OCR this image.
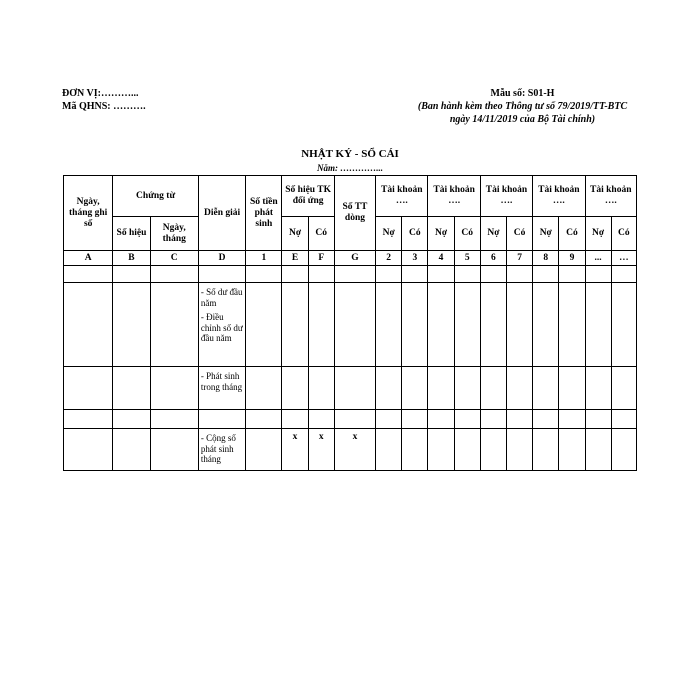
ĐƠN VỊ:………...
Mã QHNS: ……….
Mẫu số: S01-H
(Ban hành kèm theo Thông tư số 79/2019/TT-BTC ngày 14/11/2019 của Bộ Tài chính)
NHẬT KÝ - SỔ CÁI
Năm: …………...
Ngày, tháng ghi số	Chứng từ		Diễn giải	Số tiền phát sinh	Số hiệu TK đối ứng		Số TT dòng	Tài khoản ….		Tài khoản ….		Tài khoản ….		Tài khoản ….		Tài khoản ….	
	Số hiệu	Ngày, tháng			Nợ	Có		Nợ	Có	Nợ	Có	Nợ	Có	Nợ	Có	Nợ	Có
A	B	C	D	1	E	F	G	2	3	4	5	6	7	8	9	...	…

			- Số dư đầu năm
- Điều chỉnh số dư đầu năm														

			- Phát sinh trong tháng														

			- Cộng số phát sinh tháng		x	x	x										
